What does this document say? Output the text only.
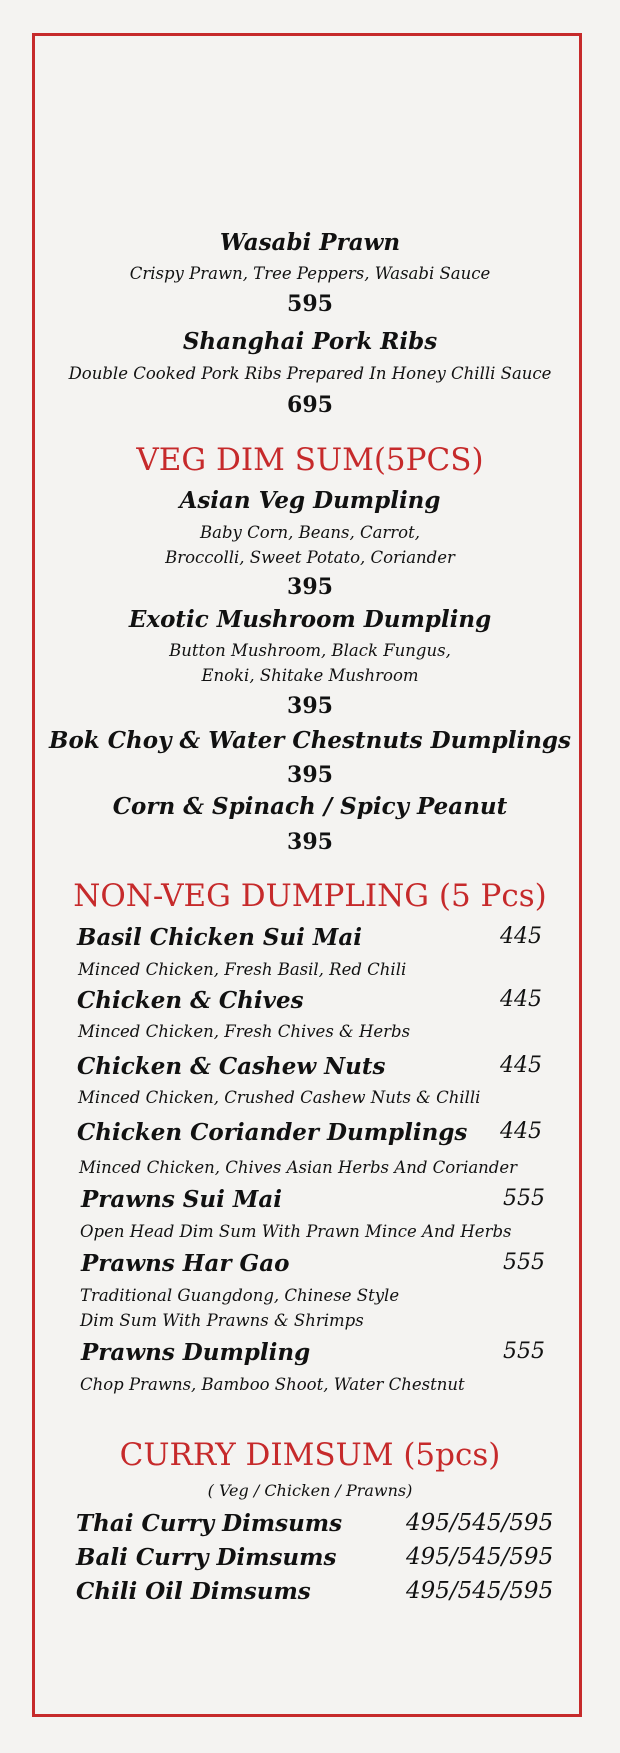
Wasabi Prawn
Crispy Prawn, Tree Peppers, Wasabi Sauce
595
Shanghai Pork Ribs
Double Cooked Pork Ribs Prepared In Honey Chilli Sauce
695
VEG DIM SUM(5PCS)
Asian Veg Dumpling
Baby Corn, Beans, Carrot,
Broccolli, Sweet Potato, Coriander
395
Exotic Mushroom Dumpling
Button Mushroom, Black Fungus,
Enoki, Shitake Mushroom
395
Bok Choy & Water Chestnuts Dumplings
395
Corn & Spinach / Spicy Peanut
395
NON-VEG DUMPLING (5 Pcs)
Basil Chicken Sui Mai	445
Minced Chicken, Fresh Basil, Red Chili
Chicken & Chives	445
Minced Chicken, Fresh Chives & Herbs
Chicken & Cashew Nuts	445
Minced Chicken, Crushed Cashew Nuts & Chilli
Chicken Coriander Dumplings 445
Minced Chicken, Chives Asian Herbs And Coriander
Prawns Sui Mai	555
Open Head Dim Sum With Prawn Mince And Herbs
Prawns Har Gao	555
Traditional Guangdong, Chinese Style
Dim Sum With Prawns & Shrimps
Prawns Dumpling	555
Chop Prawns, Bamboo Shoot, Water Chestnut
CURRY DIMSUM (5pcs)
( Veg / Chicken / Prawns)
Thai Curry Dimsums	495/545/595
Bali Curry Dimsums	495/545/595
Chili Oil Dimsums	495/545/595
